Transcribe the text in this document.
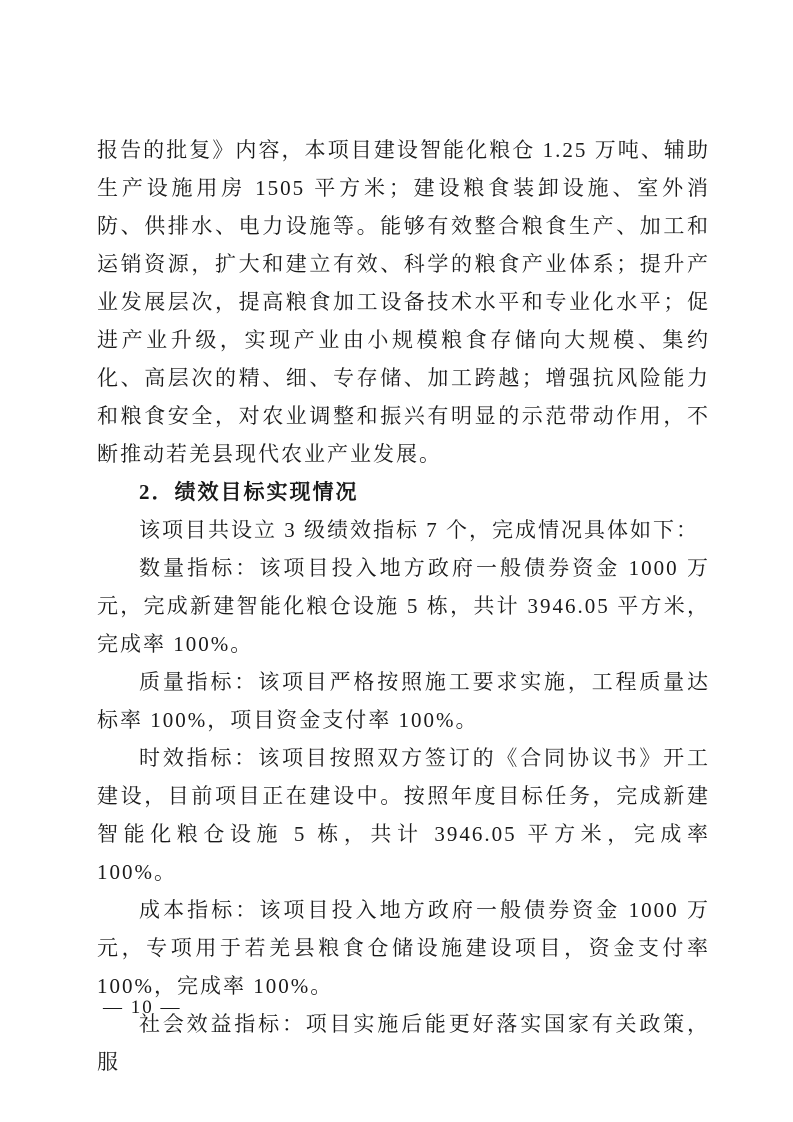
报告的批复》内容，本项目建设智能化粮仓 1.25 万吨、辅助生产设施用房 1505 平方米；建设粮食装卸设施、室外消防、供排水、电力设施等。能够有效整合粮食生产、加工和运销资源，扩大和建立有效、科学的粮食产业体系；提升产业发展层次，提高粮食加工设备技术水平和专业化水平；促进产业升级，实现产业由小规模粮食存储向大规模、集约化、高层次的精、细、专存储、加工跨越；增强抗风险能力和粮食安全，对农业调整和振兴有明显的示范带动作用，不断推动若羌县现代农业产业发展。

2．绩效目标实现情况

该项目共设立 3 级绩效指标 7 个，完成情况具体如下：

数量指标：该项目投入地方政府一般债券资金 1000 万元，完成新建智能化粮仓设施 5 栋，共计 3946.05 平方米，完成率 100%。

质量指标：该项目严格按照施工要求实施，工程质量达标率 100%，项目资金支付率 100%。

时效指标：该项目按照双方签订的《合同协议书》开工建设，目前项目正在建设中。按照年度目标任务，完成新建智能化粮仓设施 5 栋，共计 3946.05 平方米，完成率 100%。

成本指标：该项目投入地方政府一般债券资金 1000 万元，专项用于若羌县粮食仓储设施建设项目，资金支付率 100%，完成率 100%。

社会效益指标：项目实施后能更好落实国家有关政策，服

— 10 —
